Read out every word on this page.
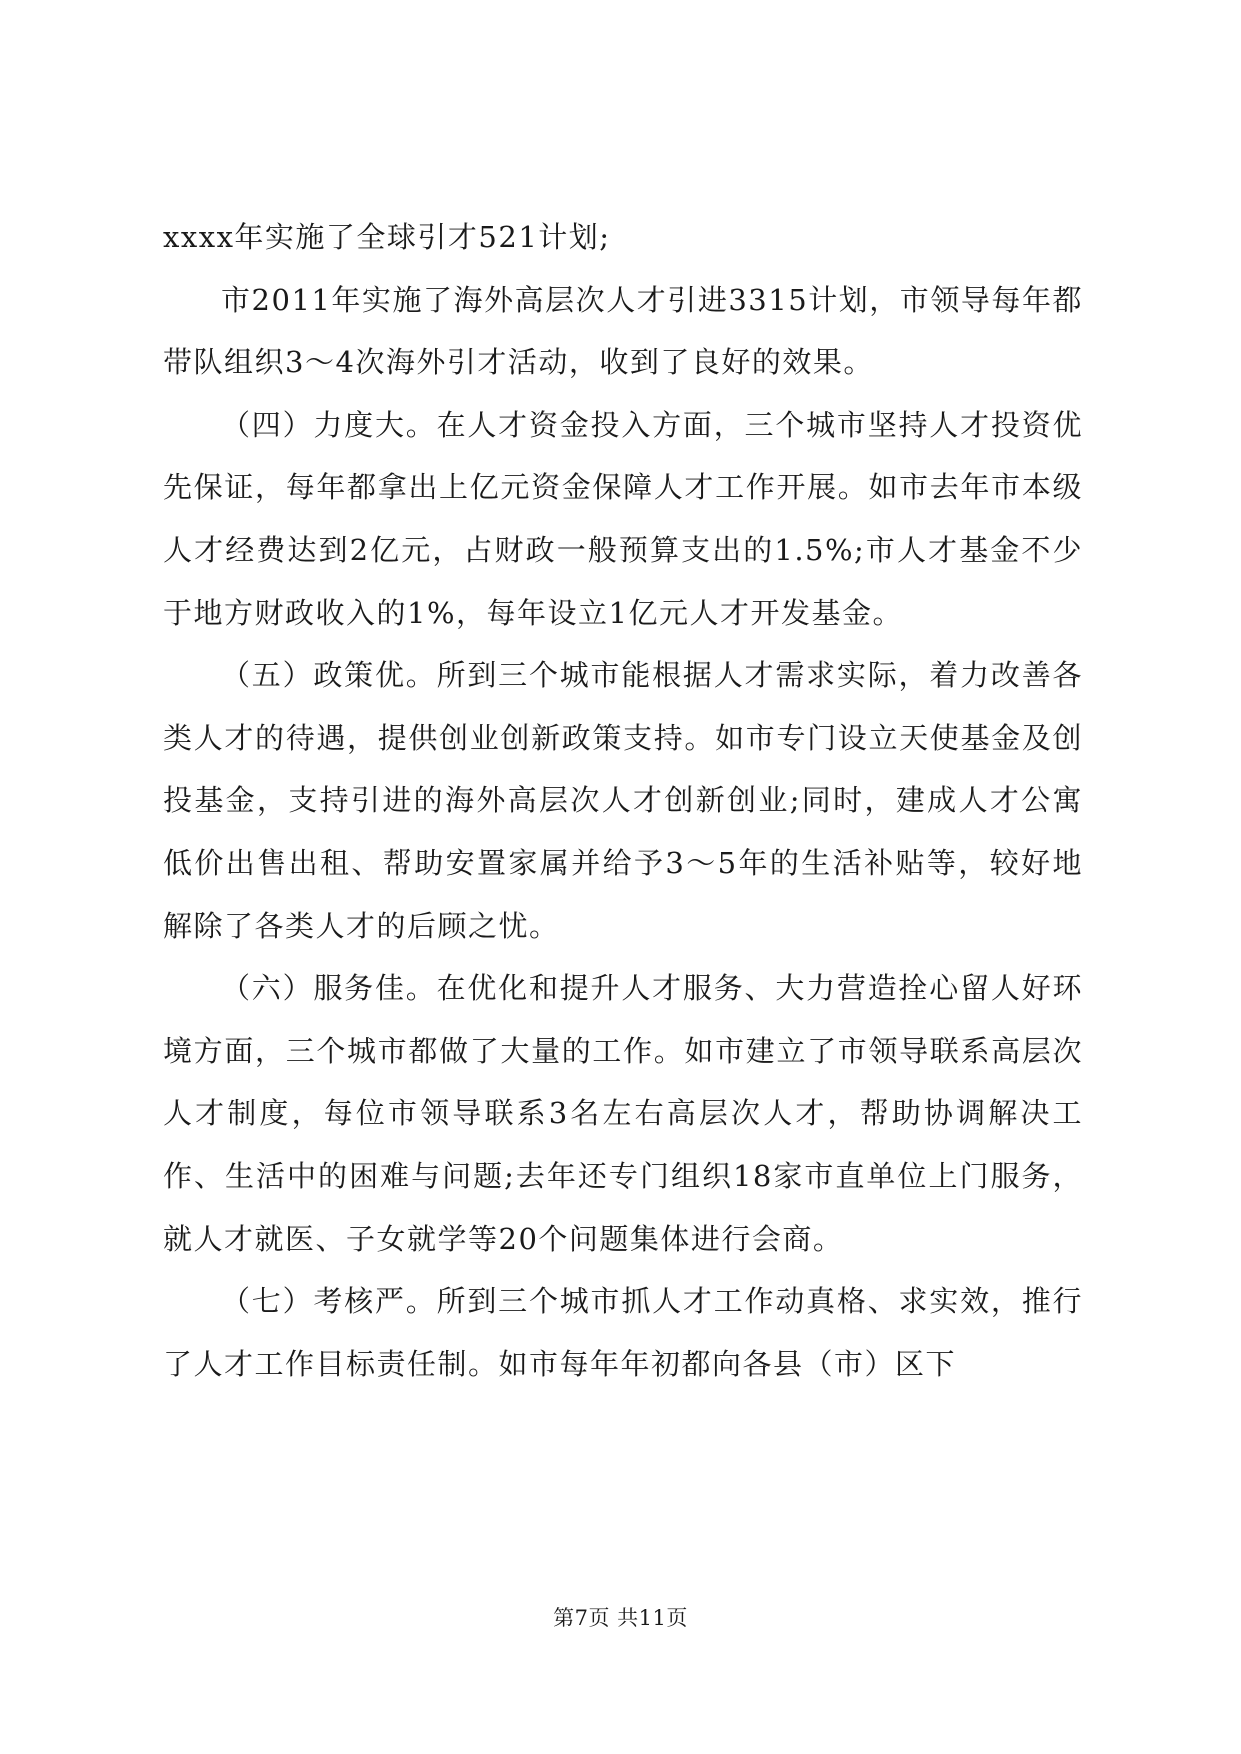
xxxx年实施了全球引才521计划;

市2011年实施了海外高层次人才引进3315计划，市领导每年都带队组织3～4次海外引才活动，收到了良好的效果。

（四）力度大。在人才资金投入方面，三个城市坚持人才投资优先保证，每年都拿出上亿元资金保障人才工作开展。如市去年市本级人才经费达到2亿元，占财政一般预算支出的1.5%;市人才基金不少于地方财政收入的1%，每年设立1亿元人才开发基金。

（五）政策优。所到三个城市能根据人才需求实际，着力改善各类人才的待遇，提供创业创新政策支持。如市专门设立天使基金及创投基金，支持引进的海外高层次人才创新创业;同时，建成人才公寓低价出售出租、帮助安置家属并给予3～5年的生活补贴等，较好地解除了各类人才的后顾之忧。

（六）服务佳。在优化和提升人才服务、大力营造拴心留人好环境方面，三个城市都做了大量的工作。如市建立了市领导联系高层次人才制度，每位市领导联系3名左右高层次人才，帮助协调解决工作、生活中的困难与问题;去年还专门组织18家市直单位上门服务，就人才就医、子女就学等20个问题集体进行会商。

（七）考核严。所到三个城市抓人才工作动真格、求实效，推行了人才工作目标责任制。如市每年年初都向各县（市）区下

第7页 共11页
